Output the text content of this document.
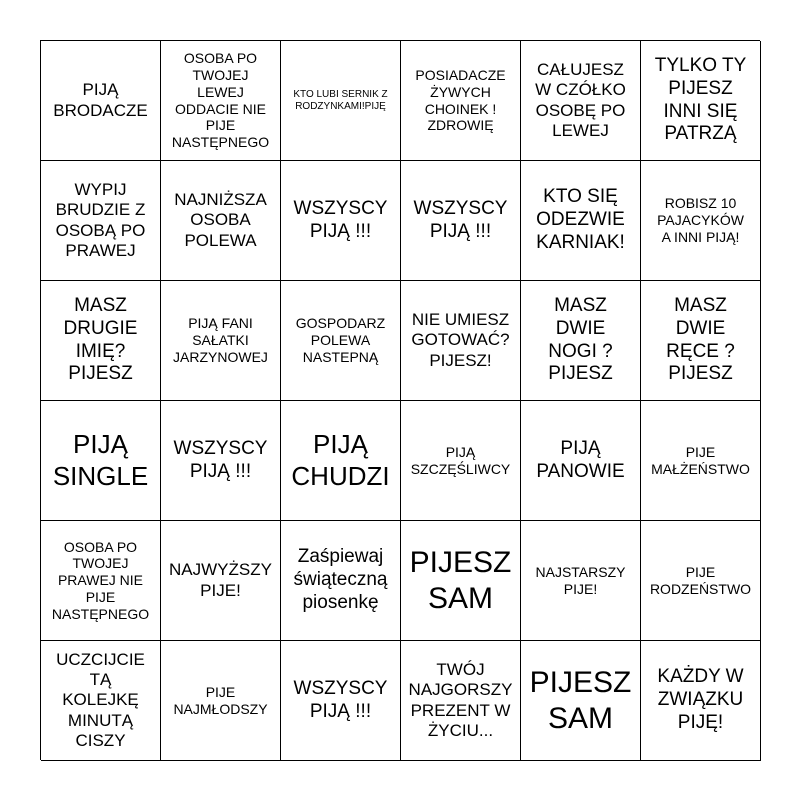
PIJĄ
BRODACZE
OSOBA PO
TWOJEJ
LEWEJ
ODDACIE NIE
PIJE
NASTĘPNEGO
KTO LUBI SERNIK Z
RODZYNKAMI!PIJĘ
POSIADACZE
ŻYWYCH
CHOINEK !
ZDROWIĘ
CAŁUJESZ
W CZÓŁKO
OSOBĘ PO
LEWEJ
TYLKO TY
PIJESZ
INNI SIĘ
PATRZĄ
WYPIJ
BRUDZIE Z
OSOBĄ PO
PRAWEJ
NAJNIŻSZA
OSOBA
POLEWA
WSZYSCY
PIJĄ !!!
WSZYSCY
PIJĄ !!!
KTO SIĘ
ODEZWIE
KARNIAK!
ROBISZ 10
PAJACYKÓW
A INNI PIJĄ!
MASZ
DRUGIE
IMIĘ?
PIJESZ
PIJĄ FANI
SAŁATKI
JARZYNOWEJ
GOSPODARZ
POLEWA
NASTEPNĄ
NIE UMIESZ
GOTOWAĆ?
PIJESZ!
MASZ
DWIE
NOGI ?
PIJESZ
MASZ
DWIE
RĘCE ?
PIJESZ
PIJĄ
SINGLE
WSZYSCY
PIJĄ !!!
PIJĄ
CHUDZI
PIJĄ
SZCZĘŚLIWCY
PIJĄ
PANOWIE
PIJE
MAŁŻEŃSTWO
OSOBA PO
TWOJEJ
PRAWEJ NIE
PIJE
NASTĘPNEGO
NAJWYŻSZY
PIJE!
Zaśpiewaj
świąteczną
piosenkę
PIJESZ
SAM
NAJSTARSZY
PIJE!
PIJE
RODZEŃSTWO
UCZCIJCIE
TĄ
KOLEJKĘ
MINUTĄ
CISZY
PIJE
NAJMŁODSZY
WSZYSCY
PIJĄ !!!
TWÓJ
NAJGORSZY
PREZENT W
ŻYCIU...
PIJESZ
SAM
KAŻDY W
ZWIĄZKU
PIJĘ!
